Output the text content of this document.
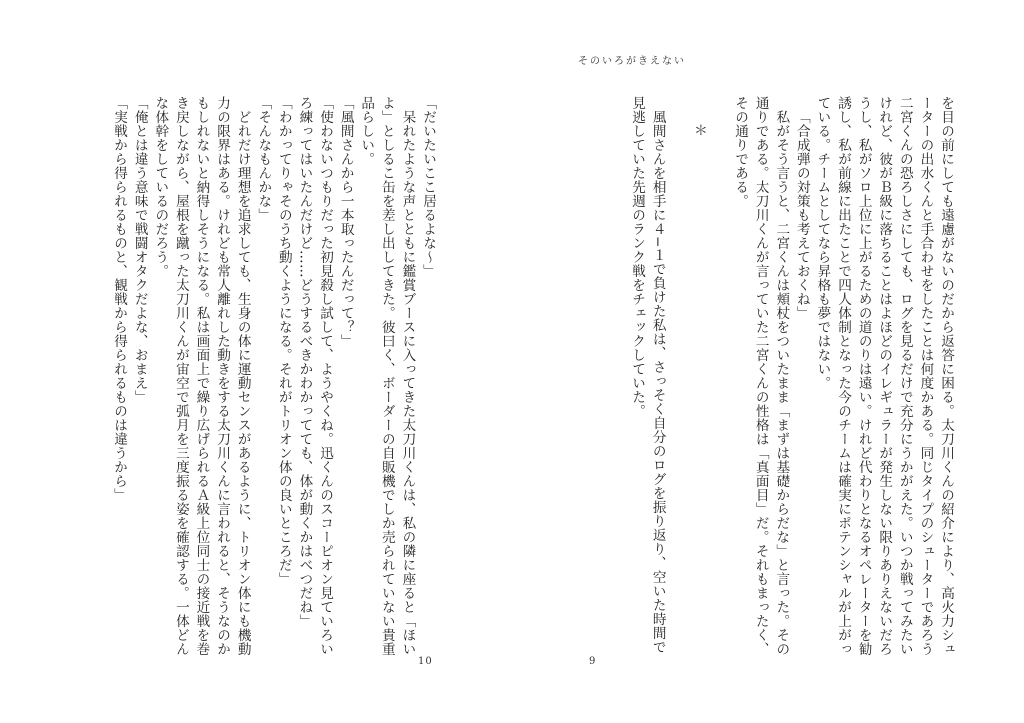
そのいろがきえない

を目の前にしても遠慮がないのだから返答に困る。太刀川くんの紹介により、高火力シューターの出水くんと手合わせをしたことは何度かある。同じタイプのシューターであろう二宮くんの恐ろしさにしても、ログを見るだけで充分にうかがえた。いつか戦ってみたいけれど、彼がＢ級に落ちることはよほどのイレギュラーが発生しない限りありえないだろうし、私がソロ上位に上がるための道のりは遠い。けれど代わりとなるオペレーターを勧誘し、私が前線に出たことで四人体制となった今のチームは確実にポテンシャルが上がっている。チームとしてなら昇格も夢ではない。

「合成弾の対策も考えておくね」

私がそう言うと、二宮くんは頬杖をついたまま「まずは基礎からだな」と言った。その通りである。太刀川くんが言っていた二宮くんの性格は「真面目」だ。それもまったく、その通りである。

＊

風間さんを相手に４−１で負けた私は、さっそく自分のログを振り返り、空いた時間で見逃していた先週のランク戦をチェックしていた。

「だいたいここ居るよな〜」

呆れたような声とともに鑑賞ブースに入ってきた太刀川くんは、私の隣に座ると「ほいよ」としるこ缶を差し出してきた。彼曰く、ボーダーの自販機でしか売られていない貴重品らしい。

「風間さんから一本取ったんだって？」

「使わないつもりだった初見殺し試して、ようやくね。迅くんのスコーピオン見ていろいろ練ってはいたんだけど……どうするべきかわかってても、体が動くかはべつだね」

「わかってりゃそのうち動くようになる。それがトリオン体の良いところだ」

「そんなもんかな」

どれだけ理想を追求しても、生身の体に運動センスがあるように、トリオン体にも機動力の限界はある。けれども常人離れした動きをする太刀川くんに言われると、そうなのかもしれないと納得しそうになる。私は画面上で繰り広げられるＡ級上位同士の接近戦を巻き戻しながら、屋根を蹴った太刀川くんが宙空で弧月を三度振る姿を確認する。一体どんな体幹をしているのだろう。

「俺とは違う意味で戦闘オタクだよな、おまえ」

「実戦から得られるものと、観戦から得られるものは違うから」

10	9
